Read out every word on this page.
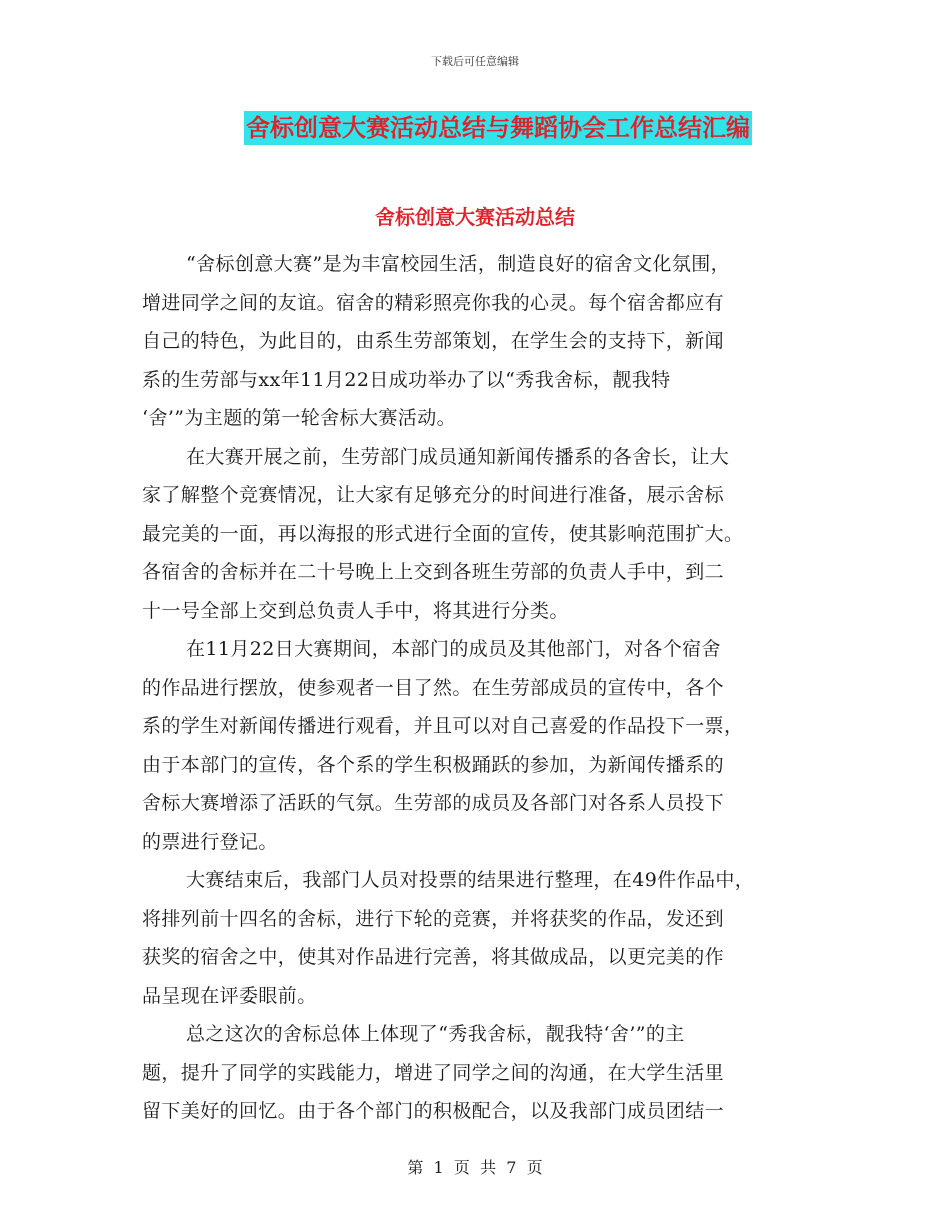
下载后可任意编辑
舍标创意大赛活动总结与舞蹈协会工作总结汇编
舍标创意大赛活动总结

“舍标创意大赛”是为丰富校园生活，制造良好的宿舍文化氛围，
增进同学之间的友谊。宿舍的精彩照亮你我的心灵。每个宿舍都应有
自己的特色，为此目的，由系生劳部策划，在学生会的支持下，新闻
系的生劳部与xx年11月22日成功举办了以“秀我舍标，靓我特
‘舍’”为主题的第一轮舍标大赛活动。

在大赛开展之前，生劳部门成员通知新闻传播系的各舍长，让大
家了解整个竞赛情况，让大家有足够充分的时间进行准备，展示舍标
最完美的一面，再以海报的形式进行全面的宣传，使其影响范围扩大。
各宿舍的舍标并在二十号晚上上交到各班生劳部的负责人手中，到二
十一号全部上交到总负责人手中，将其进行分类。

在11月22日大赛期间，本部门的成员及其他部门，对各个宿舍
的作品进行摆放，使参观者一目了然。在生劳部成员的宣传中，各个
系的学生对新闻传播进行观看，并且可以对自己喜爱的作品投下一票，
由于本部门的宣传，各个系的学生积极踊跃的参加，为新闻传播系的
舍标大赛增添了活跃的气氛。生劳部的成员及各部门对各系人员投下
的票进行登记。

大赛结束后，我部门人员对投票的结果进行整理，在49件作品中，
将排列前十四名的舍标，进行下轮的竞赛，并将获奖的作品，发还到
获奖的宿舍之中，使其对作品进行完善，将其做成品，以更完美的作
品呈现在评委眼前。

总之这次的舍标总体上体现了“秀我舍标，靓我特‘舍’”的主
题，提升了同学的实践能力，增进了同学之间的沟通，在大学生活里
留下美好的回忆。由于各个部门的积极配合，以及我部门成员团结一

第  1  页  共  7  页
